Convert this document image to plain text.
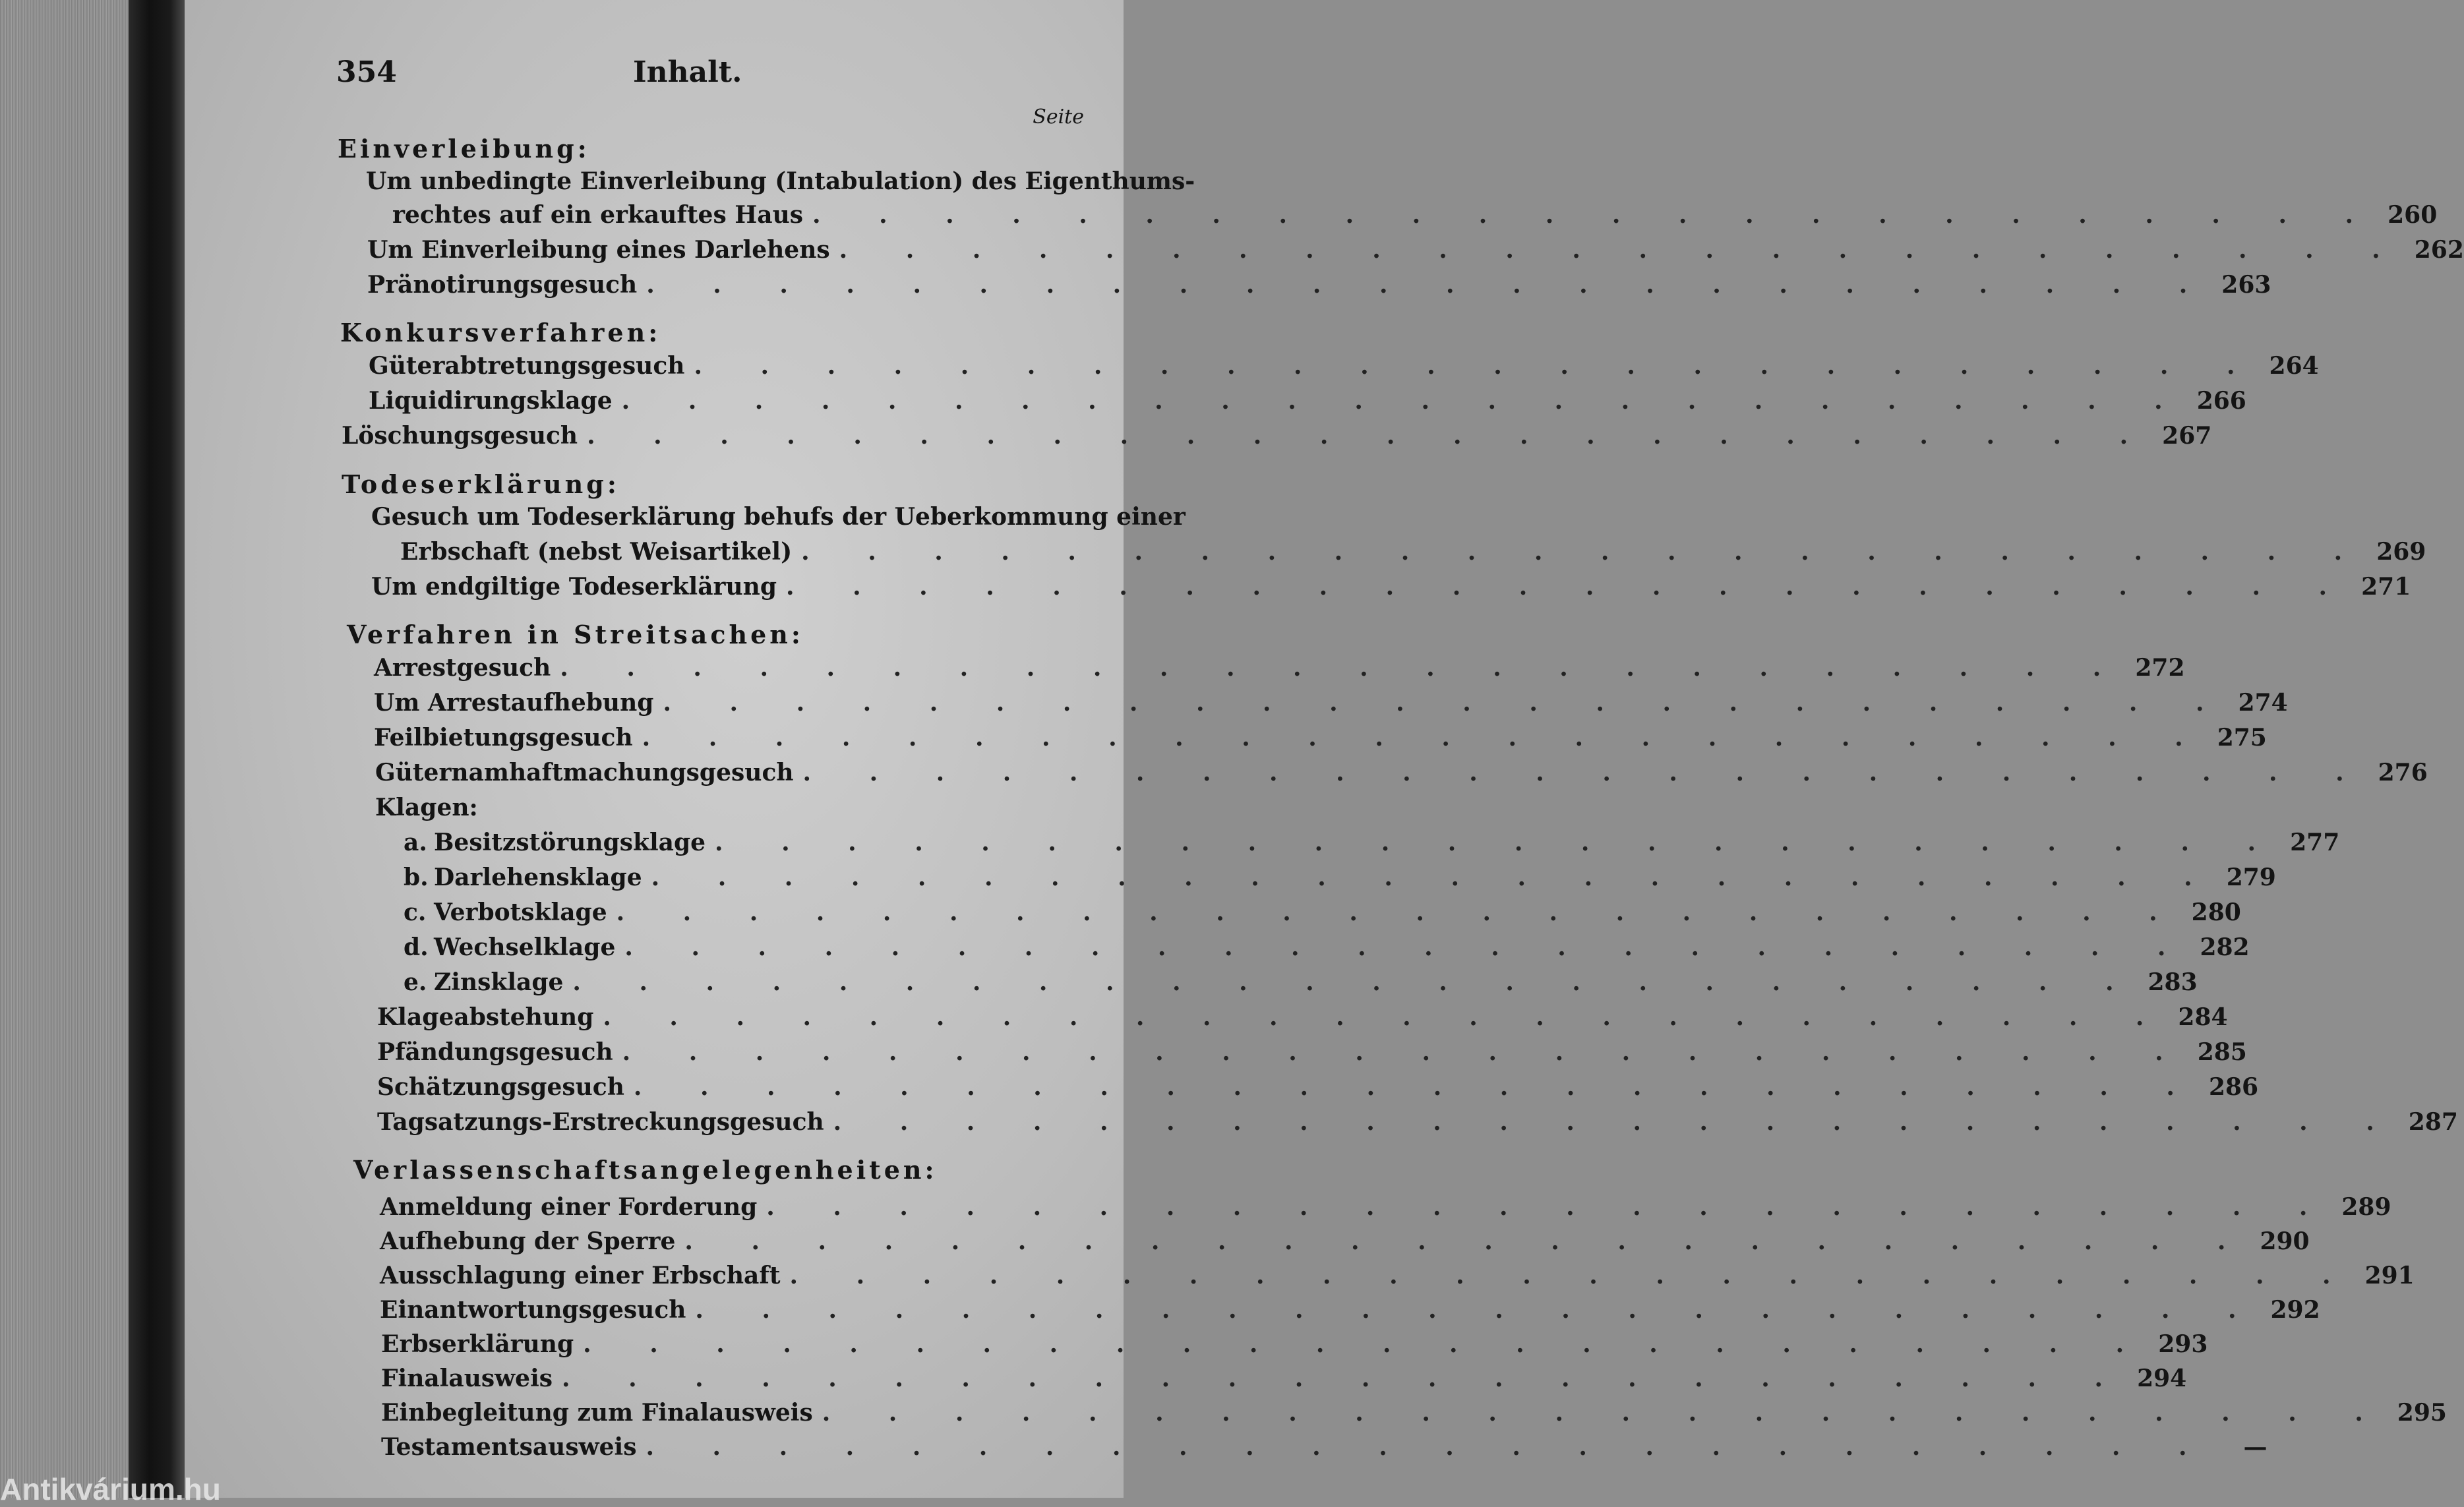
354	Inhalt.
Seite
Einverleibung:
Um unbedingte Einverleibung (Intabulation) des Eigenthums-
rechtes auf ein erkauftes Haus . . . . . . . . . . . . . . . . . . . . . . . . 260
Um Einverleibung eines Darlehens . . . . . . . . . . . . . . . . . . . . . . . . 262
Pränotirungsgesuch . . . . . . . . . . . . . . . . . . . . . . . . 263
Konkursverfahren:
Güterabtretungsgesuch . . . . . . . . . . . . . . . . . . . . . . . . 264
Liquidirungsklage . . . . . . . . . . . . . . . . . . . . . . . . 266
Löschungsgesuch . . . . . . . . . . . . . . . . . . . . . . . . 267
Todeserklärung:
Gesuch um Todeserklärung behufs der Ueberkommung einer
Erbschaft (nebst Weisartikel) . . . . . . . . . . . . . . . . . . . . . . . . 269
Um endgiltige Todeserklärung . . . . . . . . . . . . . . . . . . . . . . . . 271
Verfahren in Streitsachen:
Arrestgesuch . . . . . . . . . . . . . . . . . . . . . . . . 272
Um Arrestaufhebung . . . . . . . . . . . . . . . . . . . . . . . . 274
Feilbietungsgesuch . . . . . . . . . . . . . . . . . . . . . . . . 275
Güternamhaftmachungsgesuch . . . . . . . . . . . . . . . . . . . . . . . . 276
Klagen:
a. Besitzstörungsklage . . . . . . . . . . . . . . . . . . . . . . . . 277
b. Darlehensklage . . . . . . . . . . . . . . . . . . . . . . . . 279
c. Verbotsklage . . . . . . . . . . . . . . . . . . . . . . . . 280
d. Wechselklage . . . . . . . . . . . . . . . . . . . . . . . . 282
e. Zinsklage . . . . . . . . . . . . . . . . . . . . . . . . 283
Klageabstehung . . . . . . . . . . . . . . . . . . . . . . . . 284
Pfändungsgesuch . . . . . . . . . . . . . . . . . . . . . . . . 285
Schätzungsgesuch . . . . . . . . . . . . . . . . . . . . . . . . 286
Tagsatzungs-Erstreckungsgesuch . . . . . . . . . . . . . . . . . . . . . . . . 287
Verlassenschaftsangelegenheiten:
Anmeldung einer Forderung . . . . . . . . . . . . . . . . . . . . . . . . 289
Aufhebung der Sperre . . . . . . . . . . . . . . . . . . . . . . . . 290
Ausschlagung einer Erbschaft . . . . . . . . . . . . . . . . . . . . . . . . 291
Einantwortungsgesuch . . . . . . . . . . . . . . . . . . . . . . . . 292
Erbserklärung . . . . . . . . . . . . . . . . . . . . . . . . 293
Finalausweis . . . . . . . . . . . . . . . . . . . . . . . . 294
Einbegleitung zum Finalausweis . . . . . . . . . . . . . . . . . . . . . . . . 295
Testamentsausweis . . . . . . . . . . . . . . . . . . . . . . . .	—
Antikvárium.hu
